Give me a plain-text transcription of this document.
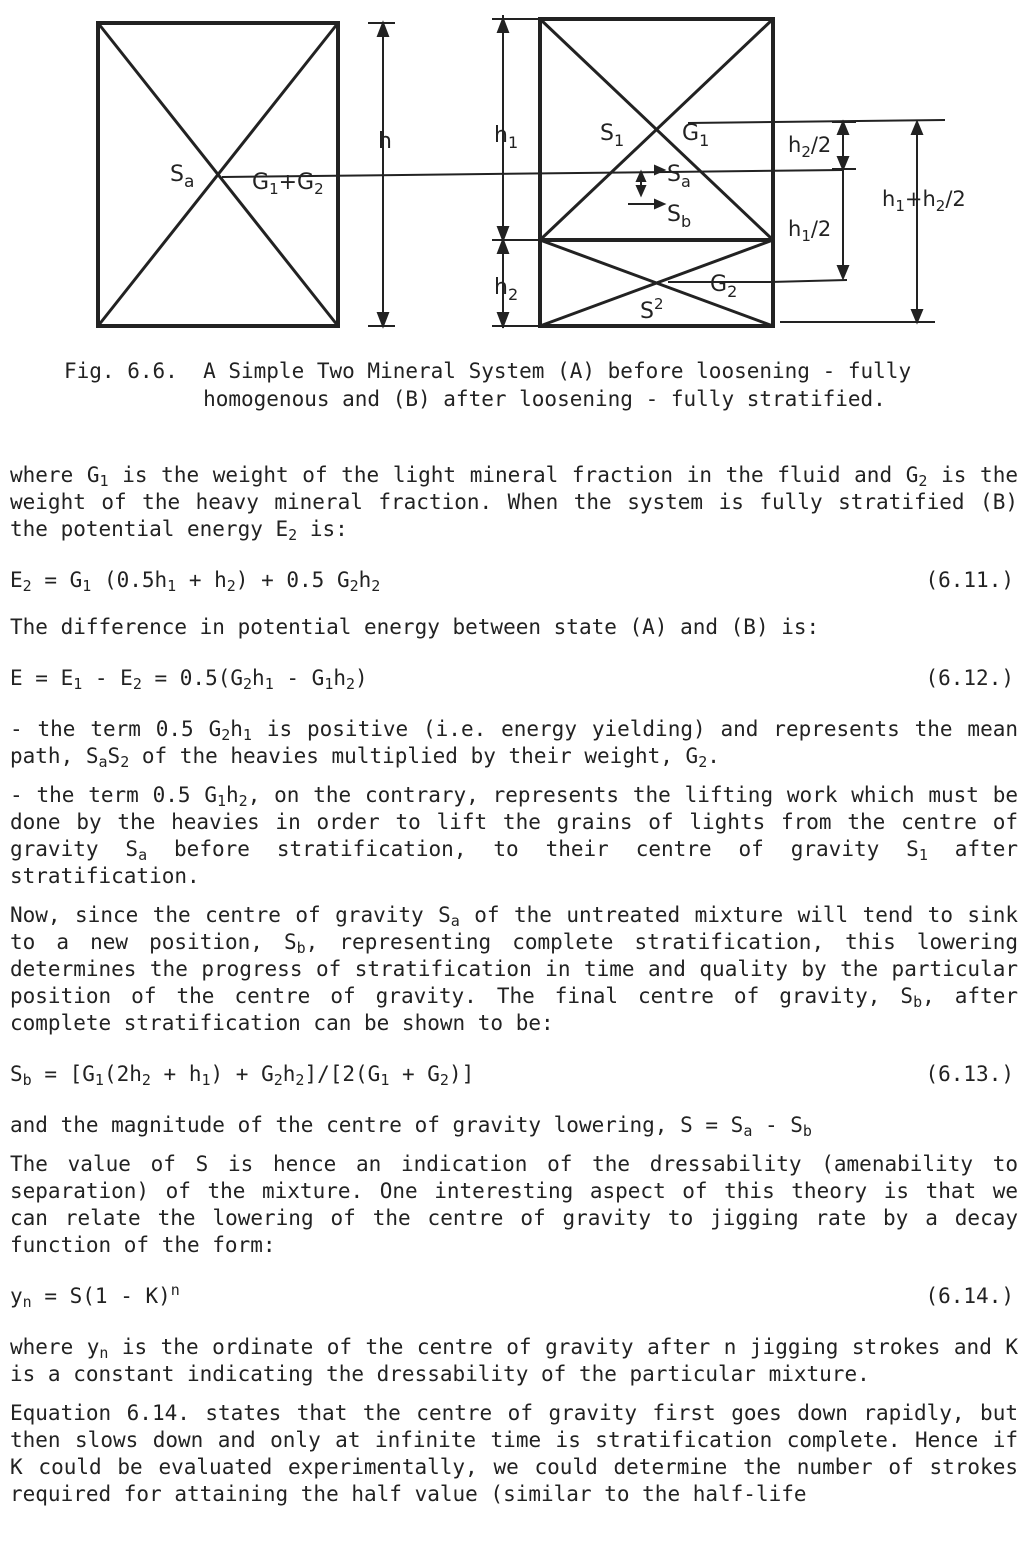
h
$S_a$	$G_1+G_2$
$h_1$
$h_2$
$S_1$	$G_1$
$S_a$
$S_b$
$G_2$
$S^2$
$h_2/2$
$h_1/2$
$h_1+h_2/2$
Fig. 6.6.  A Simple Two Mineral System (A) before loosening - fully
homogenous and (B) after loosening - fully stratified.

where $G_1$ is the weight of the light mineral fraction in the fluid and $G_2$ is the weight of the heavy mineral fraction. When the system is fully stratified (B) the potential energy $E_2$ is:

$E_2 = G_1$ $(0.5h_1 + h_2) + 0.5$ $G_2h_2$	(6.11.)

The difference in potential energy between state (A) and (B) is:

$E = E_1 - E_2 = 0.5(G_2h_1 - G_1h_2)$	(6.12.)

- the term 0.5 $G_2h_1$ is positive (i.e. energy yielding) and represents the mean path, $S_aS_2$ of the heavies multiplied by their weight, $G_2$.

- the term 0.5 $G_1h_2$, on the contrary, represents the lifting work which must be done by the heavies in order to lift the grains of lights from the centre of gravity $S_a$ before stratification, to their centre of gravity $S_1$ after stratification.

Now, since the centre of gravity $S_a$ of the untreated mixture will tend to sink to a new position, $S_b$, representing complete stratification, this lowering determines the progress of stratification in time and quality by the particular position of the centre of gravity. The final centre of gravity, $S_b$, after complete stratification can be shown to be:

$S_b = [G_1(2h_2 + h_1) + G_2h_2]/[2(G_1 + G_2)]$	(6.13.)

and the magnitude of the centre of gravity lowering, $S = S_a - S_b$

The value of S is hence an indication of the dressability (amenability to separation) of the mixture. One interesting aspect of this theory is that we can relate the lowering of the centre of gravity to jigging rate by a decay function of the form:

$y_n = S(1 - K)^n$	(6.14.)

where $y_n$ is the ordinate of the centre of gravity after n jigging strokes and K is a constant indicating the dressability of the particular mixture.

Equation 6.14. states that the centre of gravity first goes down rapidly, but then slows down and only at infinite time is stratification complete. Hence if K could be evaluated experimentally, we could determine the number of strokes required for attaining the half value (similar to the half-life
